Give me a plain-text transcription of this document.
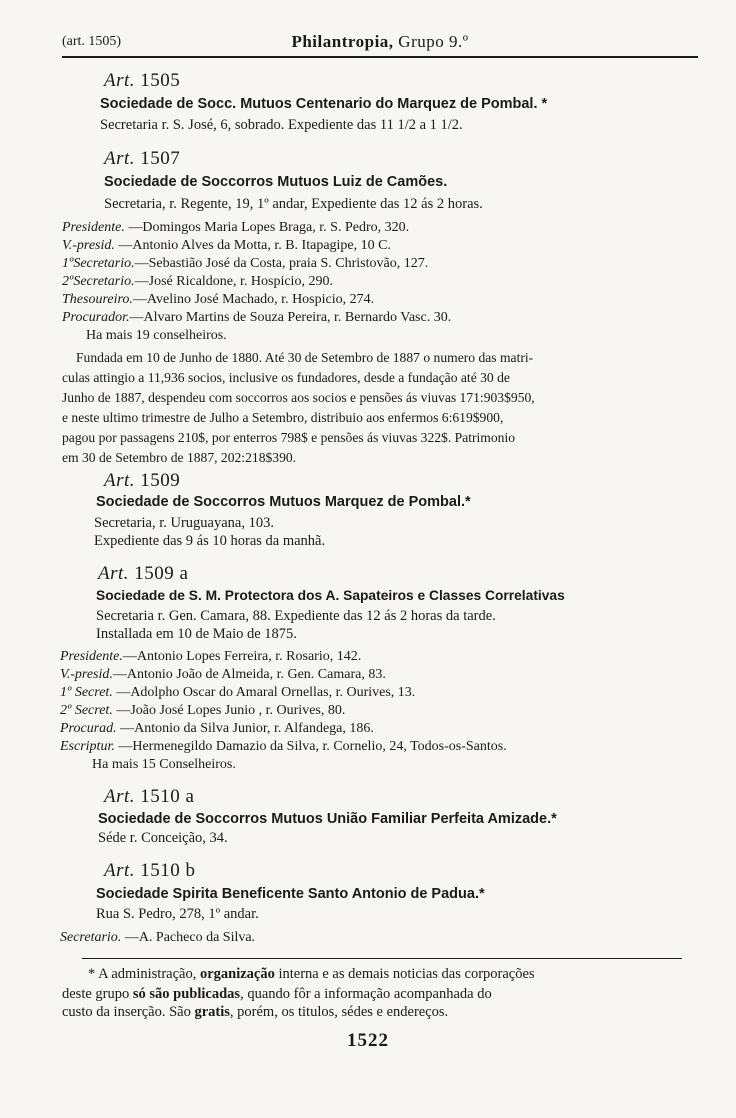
(art. 1505)	Philantropia, Grupo 9.º
Art. 1505
Sociedade de Socc. Mutuos Centenario do Marquez de Pombal. *
Secretaria r. S. José, 6, sobrado. Expediente das 11 1/2 a 1 1/2.
Art. 1507
Sociedade de Soccorros Mutuos Luiz de Camões.
Secretaria, r. Regente, 19, 1º andar, Expediente das 12 ás 2 horas.
Presidente. —Domingos Maria Lopes Braga, r. S. Pedro, 320.
V.-presid. —Antonio Alves da Motta, r. B. Itapagipe, 10 C.
1ºSecretario.—Sebastião José da Costa, praia S. Christovão, 127.
2ºSecretario.—José Ricaldone, r. Hospicio, 290.
Thesoureiro.—Avelino José Machado, r. Hospicio, 274.
Procurador.—Alvaro Martins de Souza Pereira, r. Bernardo Vasc. 30.
Ha mais 19 conselheiros.
Fundada em 10 de Junho de 1880. Até 30 de Setembro de 1887 o numero das matri-
culas attingio a 11,936 socios, inclusive os fundadores, desde a fundação até 30 de
Junho de 1887, despendeu com soccorros aos socios e pensões ás viuvas 171:903$950,
e neste ultimo trimestre de Julho a Setembro, distribuio aos enfermos 6:619$900,
pagou por passagens 210$, por enterros 798$ e pensões ás viuvas 322$. Patrimonio
em 30 de Setembro de 1887, 202:218$390.
Art. 1509
Sociedade de Soccorros Mutuos Marquez de Pombal.*
Secretaria, r. Uruguayana, 103.
Expediente das 9 ás 10 horas da manhã.
Art. 1509 a
Sociedade de S. M. Protectora dos A. Sapateiros e Classes Correlativas
Secretaria r. Gen. Camara, 88. Expediente das 12 ás 2 horas da tarde.
Installada em 10 de Maio de 1875.
Presidente.—Antonio Lopes Ferreira, r. Rosario, 142.
V.-presid.—Antonio João de Almeida, r. Gen. Camara, 83.
1º Secret. —Adolpho Oscar do Amaral Ornellas, r. Ourives, 13.
2º Secret. —João José Lopes Junio , r. Ourives, 80.
Procurad. —Antonio da Silva Junior, r. Alfandega, 186.
Escriptur. —Hermenegildo Damazio da Silva, r. Cornelio, 24, Todos-os-Santos.
Ha mais 15 Conselheiros.
Art. 1510 a
Sociedade de Soccorros Mutuos União Familiar Perfeita Amizade.*
Séde r. Conceição, 34.
Art. 1510 b
Sociedade Spirita Beneficente Santo Antonio de Padua.*
Rua S. Pedro, 278, 1º andar.
Secretario. —A. Pacheco da Silva.
* A administração, organização interna e as demais noticias das corporações
deste grupo só são publicadas, quando fôr a informação acompanhada do
custo da inserção. São gratis, porém, os titulos, sédes e endereços.
1522
